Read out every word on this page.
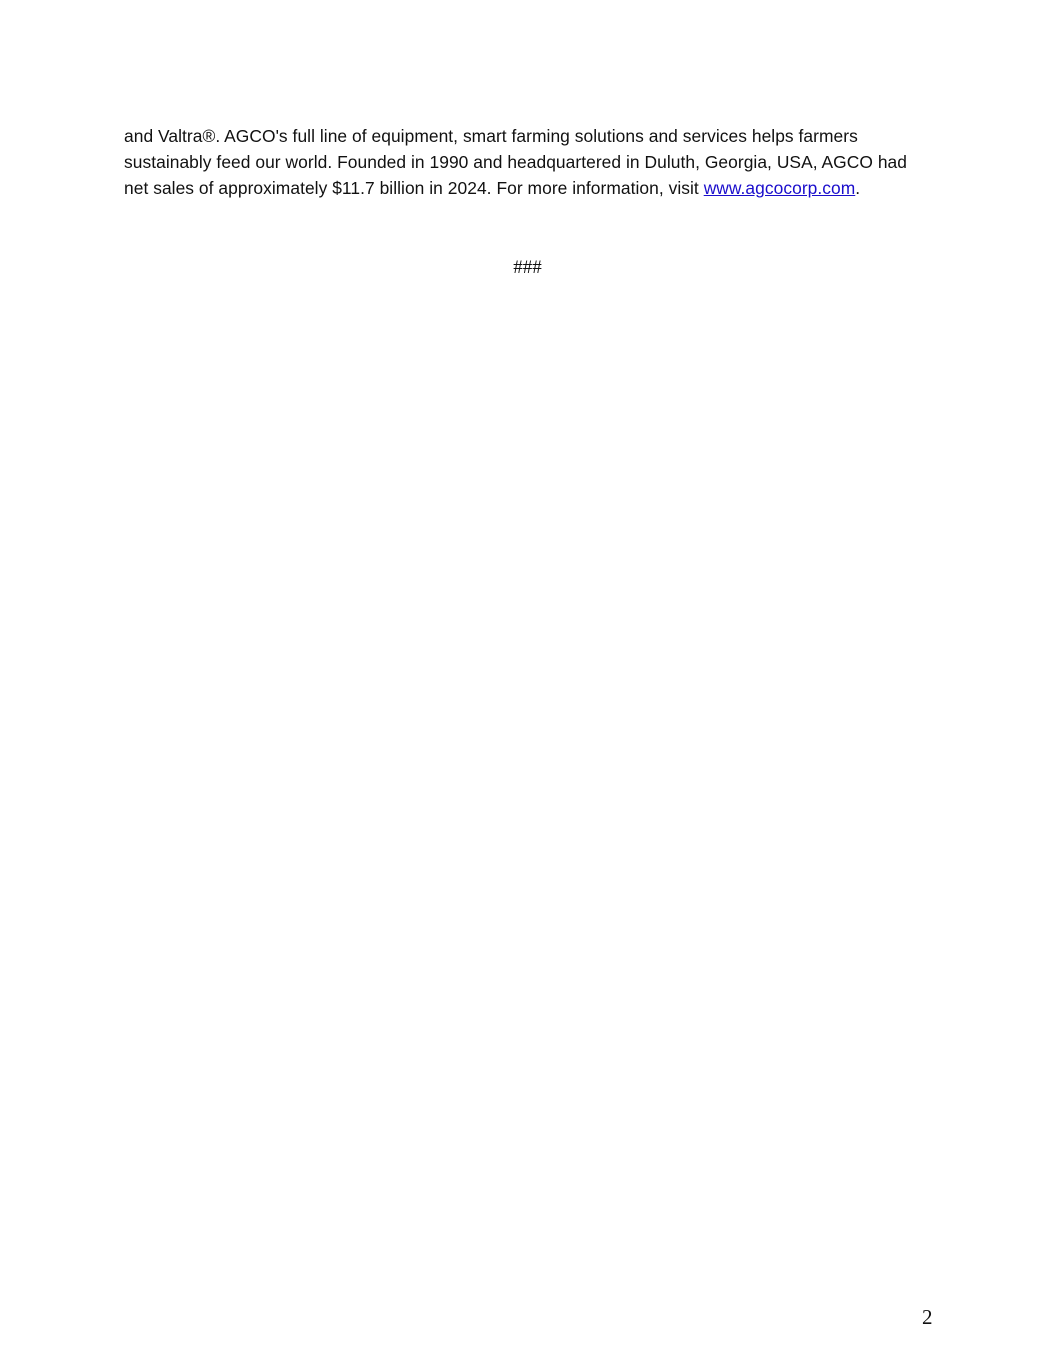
and Valtra®. AGCO's full line of equipment, smart farming solutions and services helps farmers
sustainably feed our world. Founded in 1990 and headquartered in Duluth, Georgia, USA, AGCO had
net sales of approximately $11.7 billion in 2024. For more information, visit www.agcocorp.com.

###

2
